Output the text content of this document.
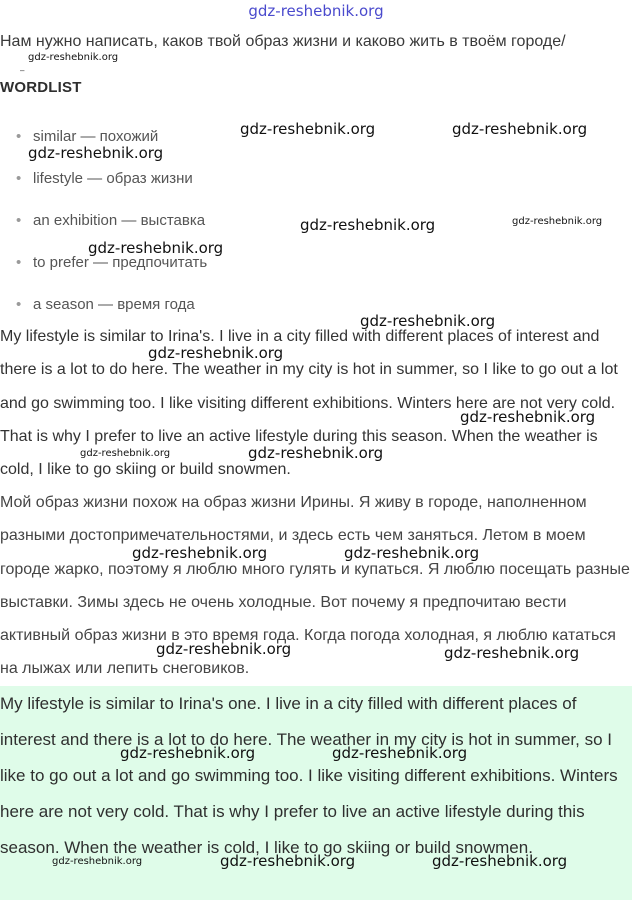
gdz-reshebnik.org
Нам нужно написать, каков твой образ жизни и каково жить в твоём городе/
–
WORDLIST
• similar — похожий
• lifestyle — образ жизни
• an exhibition — выставка
• to prefer — предпочитать
• a season — время года
My lifestyle is similar to Irina's. I live in a city filled with different places of interest and there is a lot to do here. The weather in my city is hot in summer, so I like to go out a lot and go swimming too. I like visiting different exhibitions. Winters here are not very cold. That is why I prefer to live an active lifestyle during this season. When the weather is cold, I like to go skiing or build snowmen.
Мой образ жизни похож на образ жизни Ирины. Я живу в городе, наполненном разными достопримечательностями, и здесь есть чем заняться. Летом в моем городе жарко, поэтому я люблю много гулять и купаться. Я люблю посещать разные выставки. Зимы здесь не очень холодные. Вот почему я предпочитаю вести активный образ жизни в это время года. Когда погода холодная, я люблю кататься на лыжах или лепить снеговиков.
My lifestyle is similar to Irina's one. I live in a city filled with different places of interest and there is a lot to do here. The weather in my city is hot in summer, so I like to go out a lot and go swimming too. I like visiting different exhibitions. Winters here are not very cold. That is why I prefer to live an active lifestyle during this season. When the weather is cold, I like to go skiing or build snowmen.
gdz-reshebnik.org
gdz-reshebnik.org	gdz-reshebnik.org
gdz-reshebnik.org
gdz-reshebnik.org	gdz-reshebnik.org
gdz-reshebnik.org
gdz-reshebnik.org
gdz-reshebnik.org
gdz-reshebnik.org
gdz-reshebnik.org	gdz-reshebnik.org
gdz-reshebnik.org	gdz-reshebnik.org
gdz-reshebnik.org	gdz-reshebnik.org
gdz-reshebnik.org	gdz-reshebnik.org
gdz-reshebnik.org	gdz-reshebnik.org	gdz-reshebnik.org
